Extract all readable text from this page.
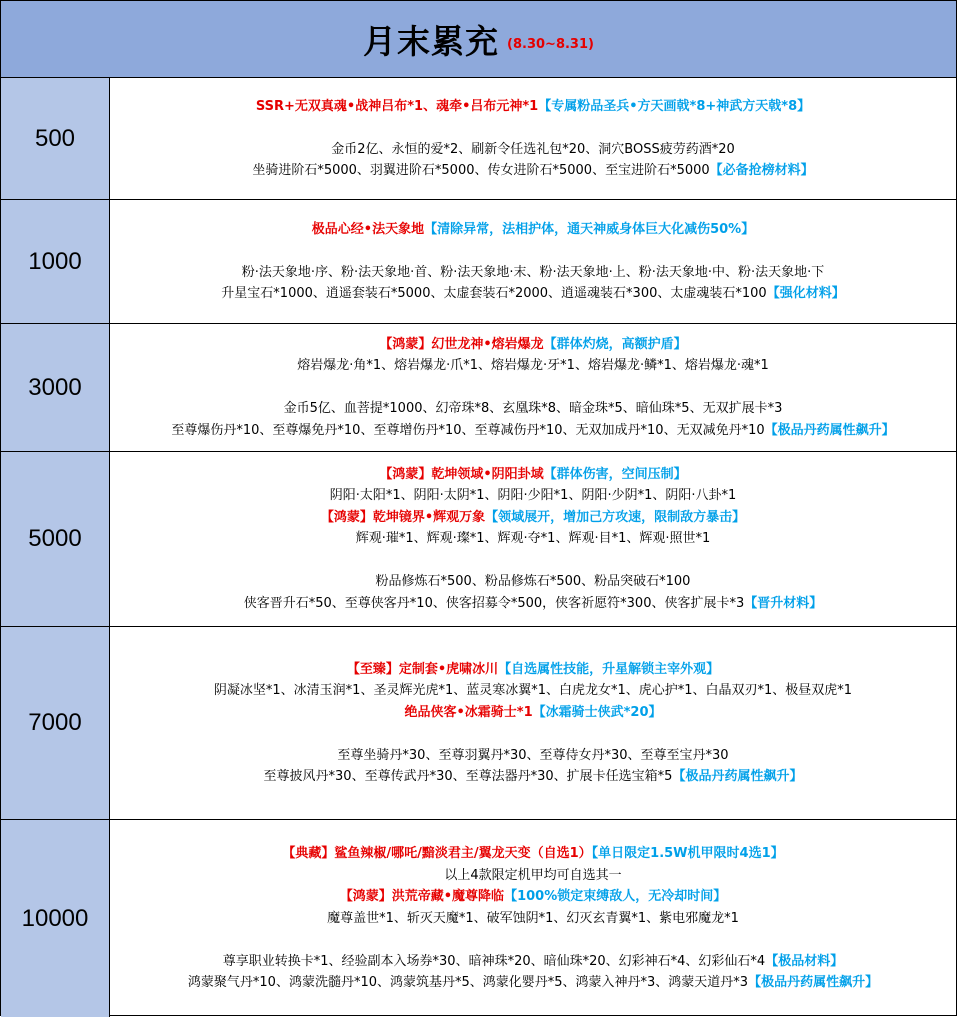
月末累充 (8.30~8.31)
500
SSR+无双真魂•战神吕布*1、魂牵•吕布元神*1【专属粉品圣兵•方天画戟*8+神武方天戟*8】
金币2亿、永恒的爱*2、刷新令任选礼包*20、洞穴BOSS疲劳药酒*20
坐骑进阶石*5000、羽翼进阶石*5000、传女进阶石*5000、至宝进阶石*5000【必备抢榜材料】
1000
极品心经•法天象地【清除异常，法相护体，通天神威身体巨大化减伤50%】
粉·法天象地·序、粉·法天象地·首、粉·法天象地·末、粉·法天象地·上、粉·法天象地·中、粉·法天象地·下
升星宝石*1000、逍遥套装石*5000、太虚套装石*2000、逍遥魂装石*300、太虚魂装石*100【强化材料】
3000
【鸿蒙】幻世龙神•熔岩爆龙【群体灼烧，高额护盾】
熔岩爆龙·角*1、熔岩爆龙·爪*1、熔岩爆龙·牙*1、熔岩爆龙·鳞*1、熔岩爆龙·魂*1
金币5亿、血菩提*1000、幻帝珠*8、玄凰珠*8、暗金珠*5、暗仙珠*5、无双扩展卡*3
至尊爆伤丹*10、至尊爆免丹*10、至尊增伤丹*10、至尊减伤丹*10、无双加成丹*10、无双减免丹*10【极品丹药属性飙升】
5000
【鸿蒙】乾坤领域•阴阳卦域【群体伤害，空间压制】
阴阳·太阳*1、阴阳·太阴*1、阴阳·少阳*1、阴阳·少阴*1、阴阳·八卦*1
【鸿蒙】乾坤镜界•辉观万象【领域展开，增加己方攻速，限制敌方暴击】
辉观·璀*1、辉观·璨*1、辉观·夺*1、辉观·目*1、辉观·照世*1
粉品修炼石*500、粉品修炼石*500、粉品突破石*100
侠客晋升石*50、至尊侠客丹*10、侠客招募令*500，侠客祈愿符*300、侠客扩展卡*3【晋升材料】
7000
【至臻】定制套•虎啸冰川【自选属性技能，升星解锁主宰外观】
阴凝冰坚*1、冰清玉润*1、圣灵辉光虎*1、蓝灵寒冰翼*1、白虎龙女*1、虎心护*1、白晶双刃*1、极昼双虎*1
绝品侠客•冰霜骑士*1【冰霜骑士侠武*20】
至尊坐骑丹*30、至尊羽翼丹*30、至尊侍女丹*30、至尊至宝丹*30
至尊披风丹*30、至尊传武丹*30、至尊法器丹*30、扩展卡任选宝箱*5【极品丹药属性飙升】
10000
【典藏】鲨鱼辣椒/哪吒/黯淡君主/翼龙天变（自选1）【单日限定1.5W机甲限时4选1】
以上4款限定机甲均可自选其一
【鸿蒙】洪荒帝藏•魔尊降临【100%锁定束缚敌人，无冷却时间】
魔尊盖世*1、斩灭天魔*1、破军蚀阴*1、幻灭玄青翼*1、紫电邪魔龙*1
尊享职业转换卡*1、经验副本入场券*30、暗神珠*20、暗仙珠*20、幻彩神石*4、幻彩仙石*4【极品材料】
鸿蒙聚气丹*10、鸿蒙洗髓丹*10、鸿蒙筑基丹*5、鸿蒙化婴丹*5、鸿蒙入神丹*3、鸿蒙天道丹*3【极品丹药属性飙升】
